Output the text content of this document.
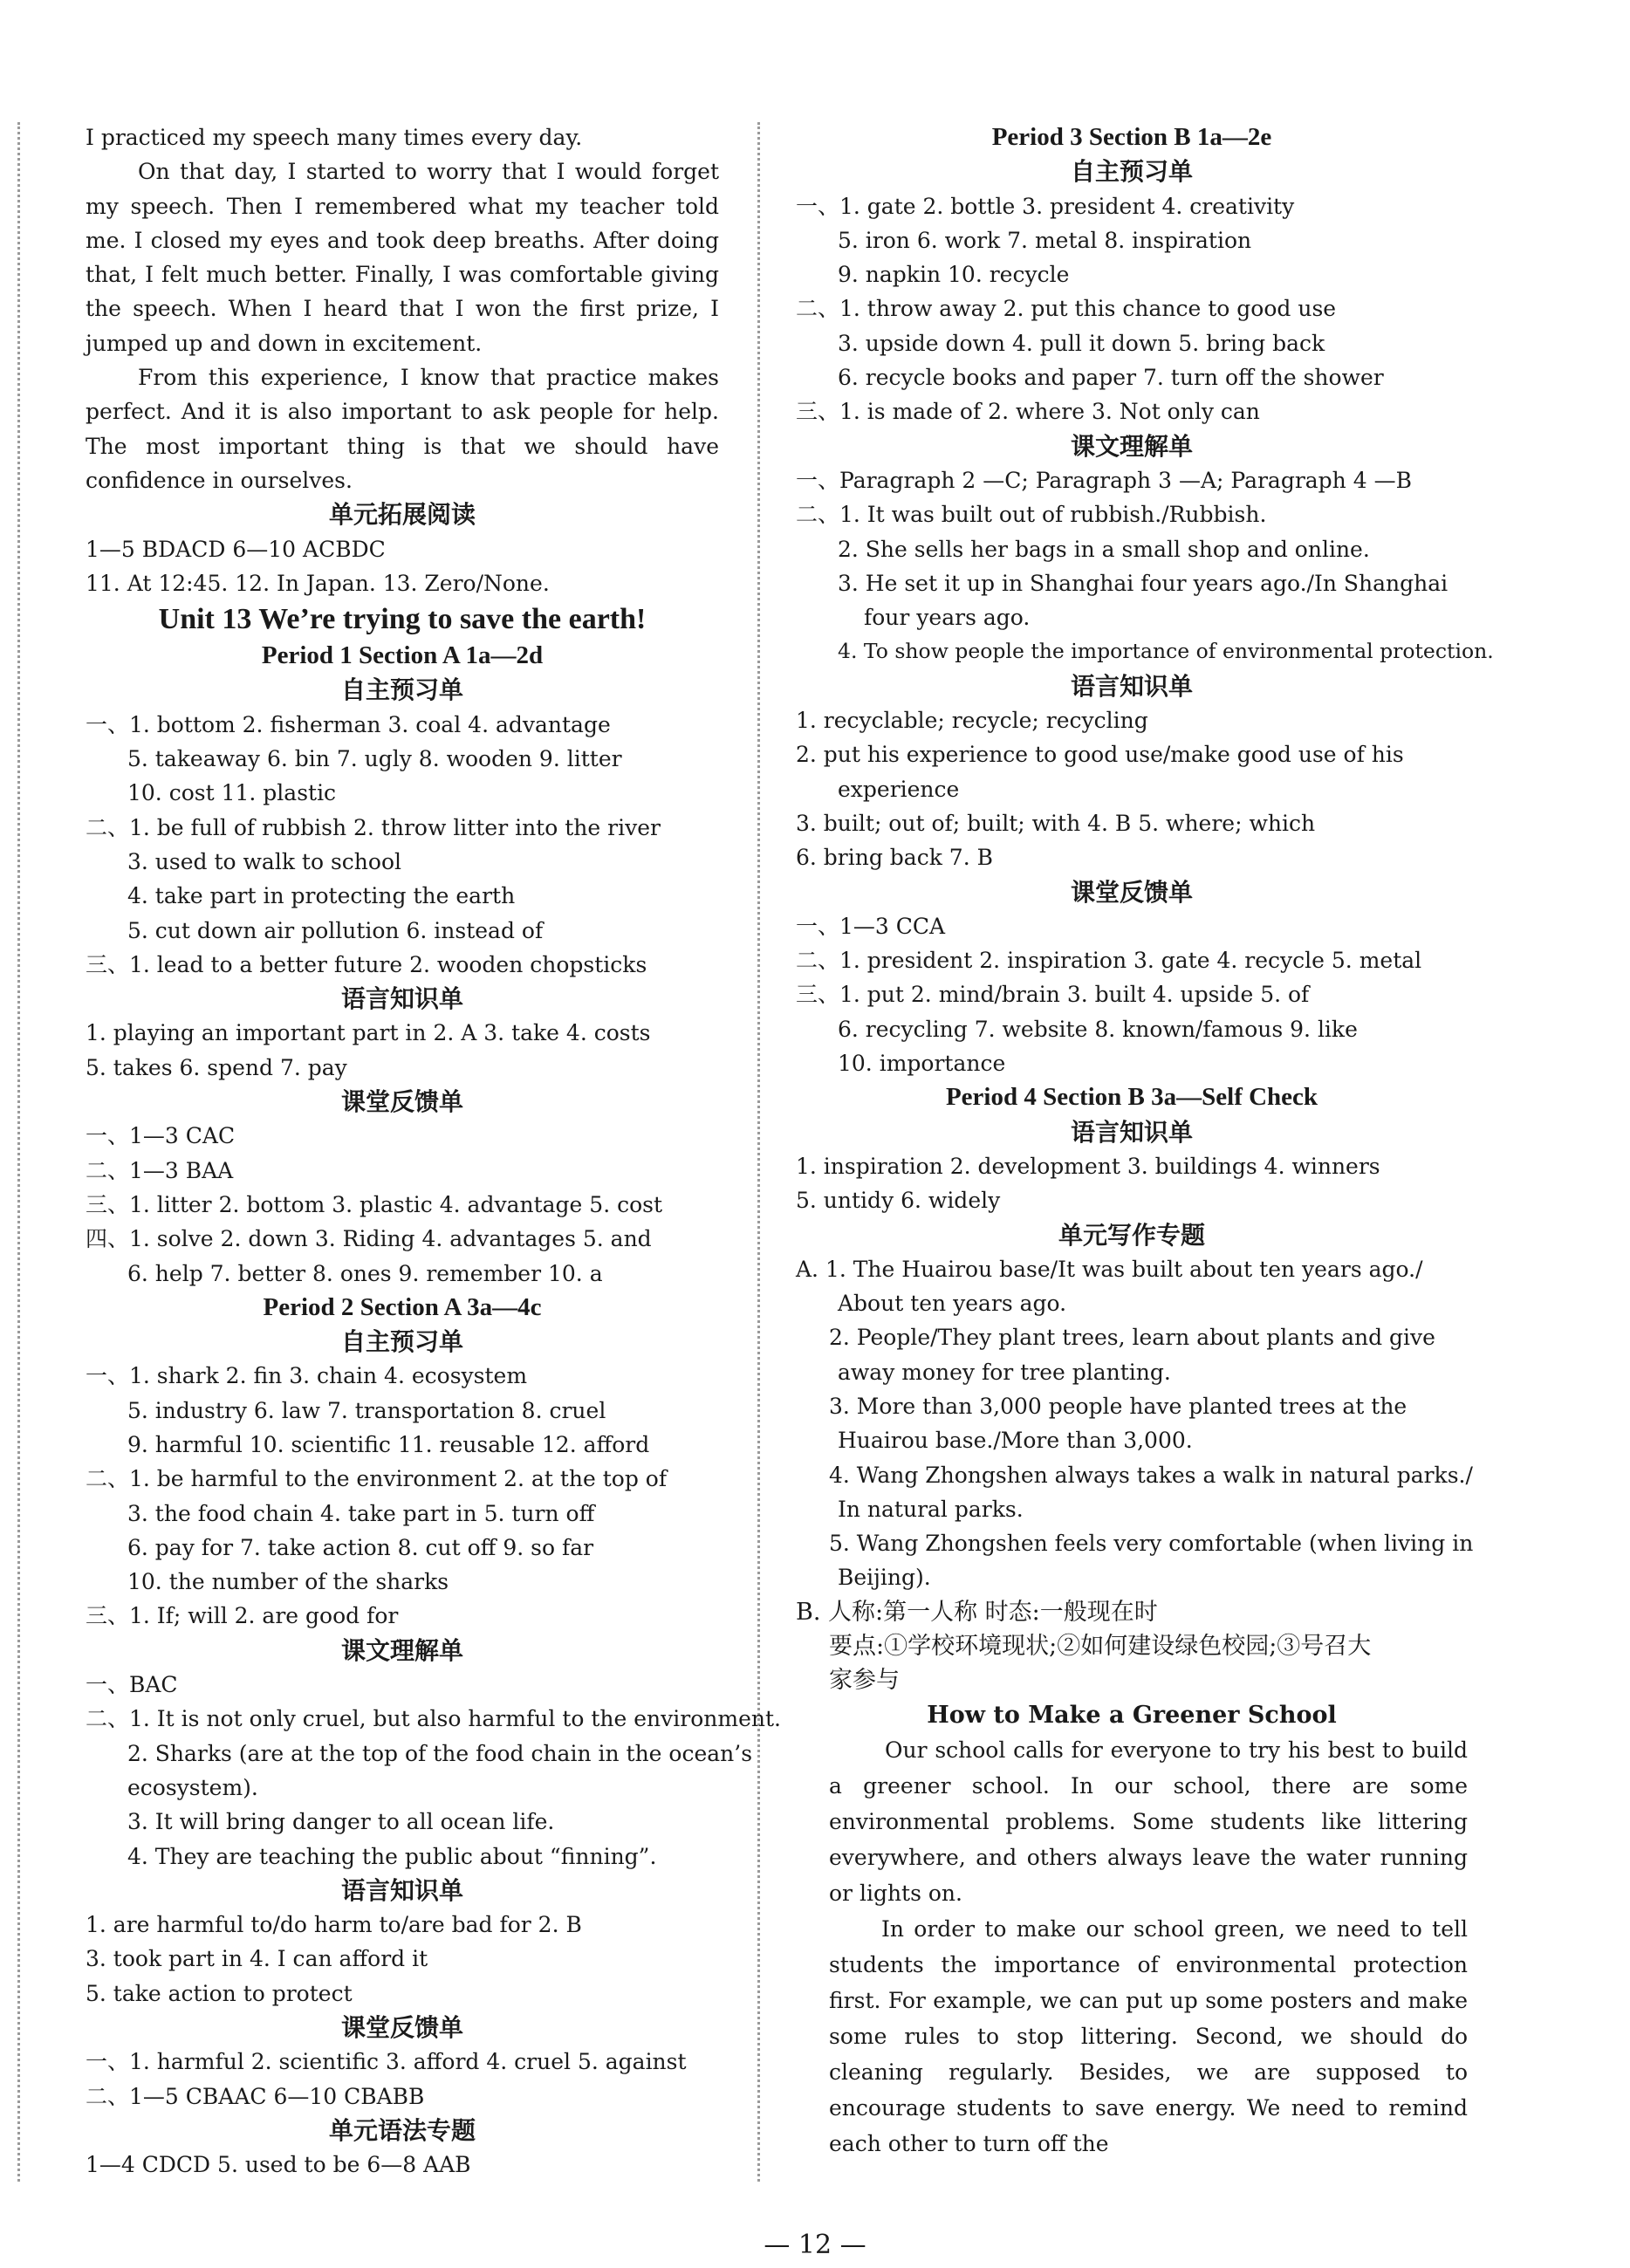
I practiced my speech many times every day.
On that day, I started to worry that I would forget my speech. Then I remembered what my teacher told me. I closed my eyes and took deep breaths. After doing that, I felt much better. Finally, I was comfortable giving the speech. When I heard that I won the first prize, I jumped up and down in excitement.
From this experience, I know that practice makes perfect. And it is also important to ask people for help. The most important thing is that we should have confidence in ourselves.
单元拓展阅读
1—5 BDACD 6—10 ACBDC
11. At 12:45. 12. In Japan. 13. Zero/None.
Unit 13 We’re trying to save the earth!
Period 1 Section A 1a—2d
自主预习单
一、1. bottom 2. fisherman 3. coal 4. advantage
5. takeaway 6. bin 7. ugly 8. wooden 9. litter
10. cost 11. plastic
二、1. be full of rubbish 2. throw litter into the river
3. used to walk to school
4. take part in protecting the earth
5. cut down air pollution 6. instead of
三、1. lead to a better future 2. wooden chopsticks
语言知识单
1. playing an important part in 2. A 3. take 4. costs
5. takes 6. spend 7. pay
课堂反馈单
一、1—3 CAC
二、1—3 BAA
三、1. litter 2. bottom 3. plastic 4. advantage 5. cost
四、1. solve 2. down 3. Riding 4. advantages 5. and
6. help 7. better 8. ones 9. remember 10. a
Period 2 Section A 3a—4c
自主预习单
一、1. shark 2. fin 3. chain 4. ecosystem
5. industry 6. law 7. transportation 8. cruel
9. harmful 10. scientific 11. reusable 12. afford
二、1. be harmful to the environment 2. at the top of
3. the food chain 4. take part in 5. turn off
6. pay for 7. take action 8. cut off 9. so far
10. the number of the sharks
三、1. If; will 2. are good for
课文理解单
一、BAC
二、1. It is not only cruel, but also harmful to the environment.
2. Sharks (are at the top of the food chain in the ocean’s
ecosystem).
3. It will bring danger to all ocean life.
4. They are teaching the public about “finning”.
语言知识单
1. are harmful to/do harm to/are bad for 2. B
3. took part in 4. I can afford it
5. take action to protect
课堂反馈单
一、1. harmful 2. scientific 3. afford 4. cruel 5. against
二、1—5 CBAAC 6—10 CBABB
单元语法专题
1—4 CDCD 5. used to be 6—8 AAB
Period 3 Section B 1a—2e
自主预习单
一、1. gate 2. bottle 3. president 4. creativity
5. iron 6. work 7. metal 8. inspiration
9. napkin 10. recycle
二、1. throw away 2. put this chance to good use
3. upside down 4. pull it down 5. bring back
6. recycle books and paper 7. turn off the shower
三、1. is made of 2. where 3. Not only can
课文理解单
一、Paragraph 2 —C; Paragraph 3 —A; Paragraph 4 —B
二、1. It was built out of rubbish./Rubbish.
2. She sells her bags in a small shop and online.
3. He set it up in Shanghai four years ago./In Shanghai
four years ago.
4. To show people the importance of environmental protection.
语言知识单
1. recyclable; recycle; recycling
2. put his experience to good use/make good use of his
experience
3. built; out of; built; with 4. B 5. where; which
6. bring back 7. B
课堂反馈单
一、1—3 CCA
二、1. president 2. inspiration 3. gate 4. recycle 5. metal
三、1. put 2. mind/brain 3. built 4. upside 5. of
6. recycling 7. website 8. known/famous 9. like
10. importance
Period 4 Section B 3a—Self Check
语言知识单
1. inspiration 2. development 3. buildings 4. winners
5. untidy 6. widely
单元写作专题
A. 1. The Huairou base/It was built about ten years ago./
About ten years ago.
2. People/They plant trees, learn about plants and give
away money for tree planting.
3. More than 3,000 people have planted trees at the
Huairou base./More than 3,000.
4. Wang Zhongshen always takes a walk in natural parks./
In natural parks.
5. Wang Zhongshen feels very comfortable (when living in
Beijing).
B. 人称:第一人称 时态:一般现在时
要点:①学校环境现状;②如何建设绿色校园;③号召大
家参与
How to Make a Greener School
Our school calls for everyone to try his best to build a greener school. In our school, there are some environmental problems. Some students like littering everywhere, and others always leave the water running or lights on.
In order to make our school green, we need to tell students the importance of environmental protection first. For example, we can put up some posters and make some rules to stop littering. Second, we should do cleaning regularly. Besides, we are supposed to encourage students to save energy. We need to remind each other to turn off the
— 12 —
